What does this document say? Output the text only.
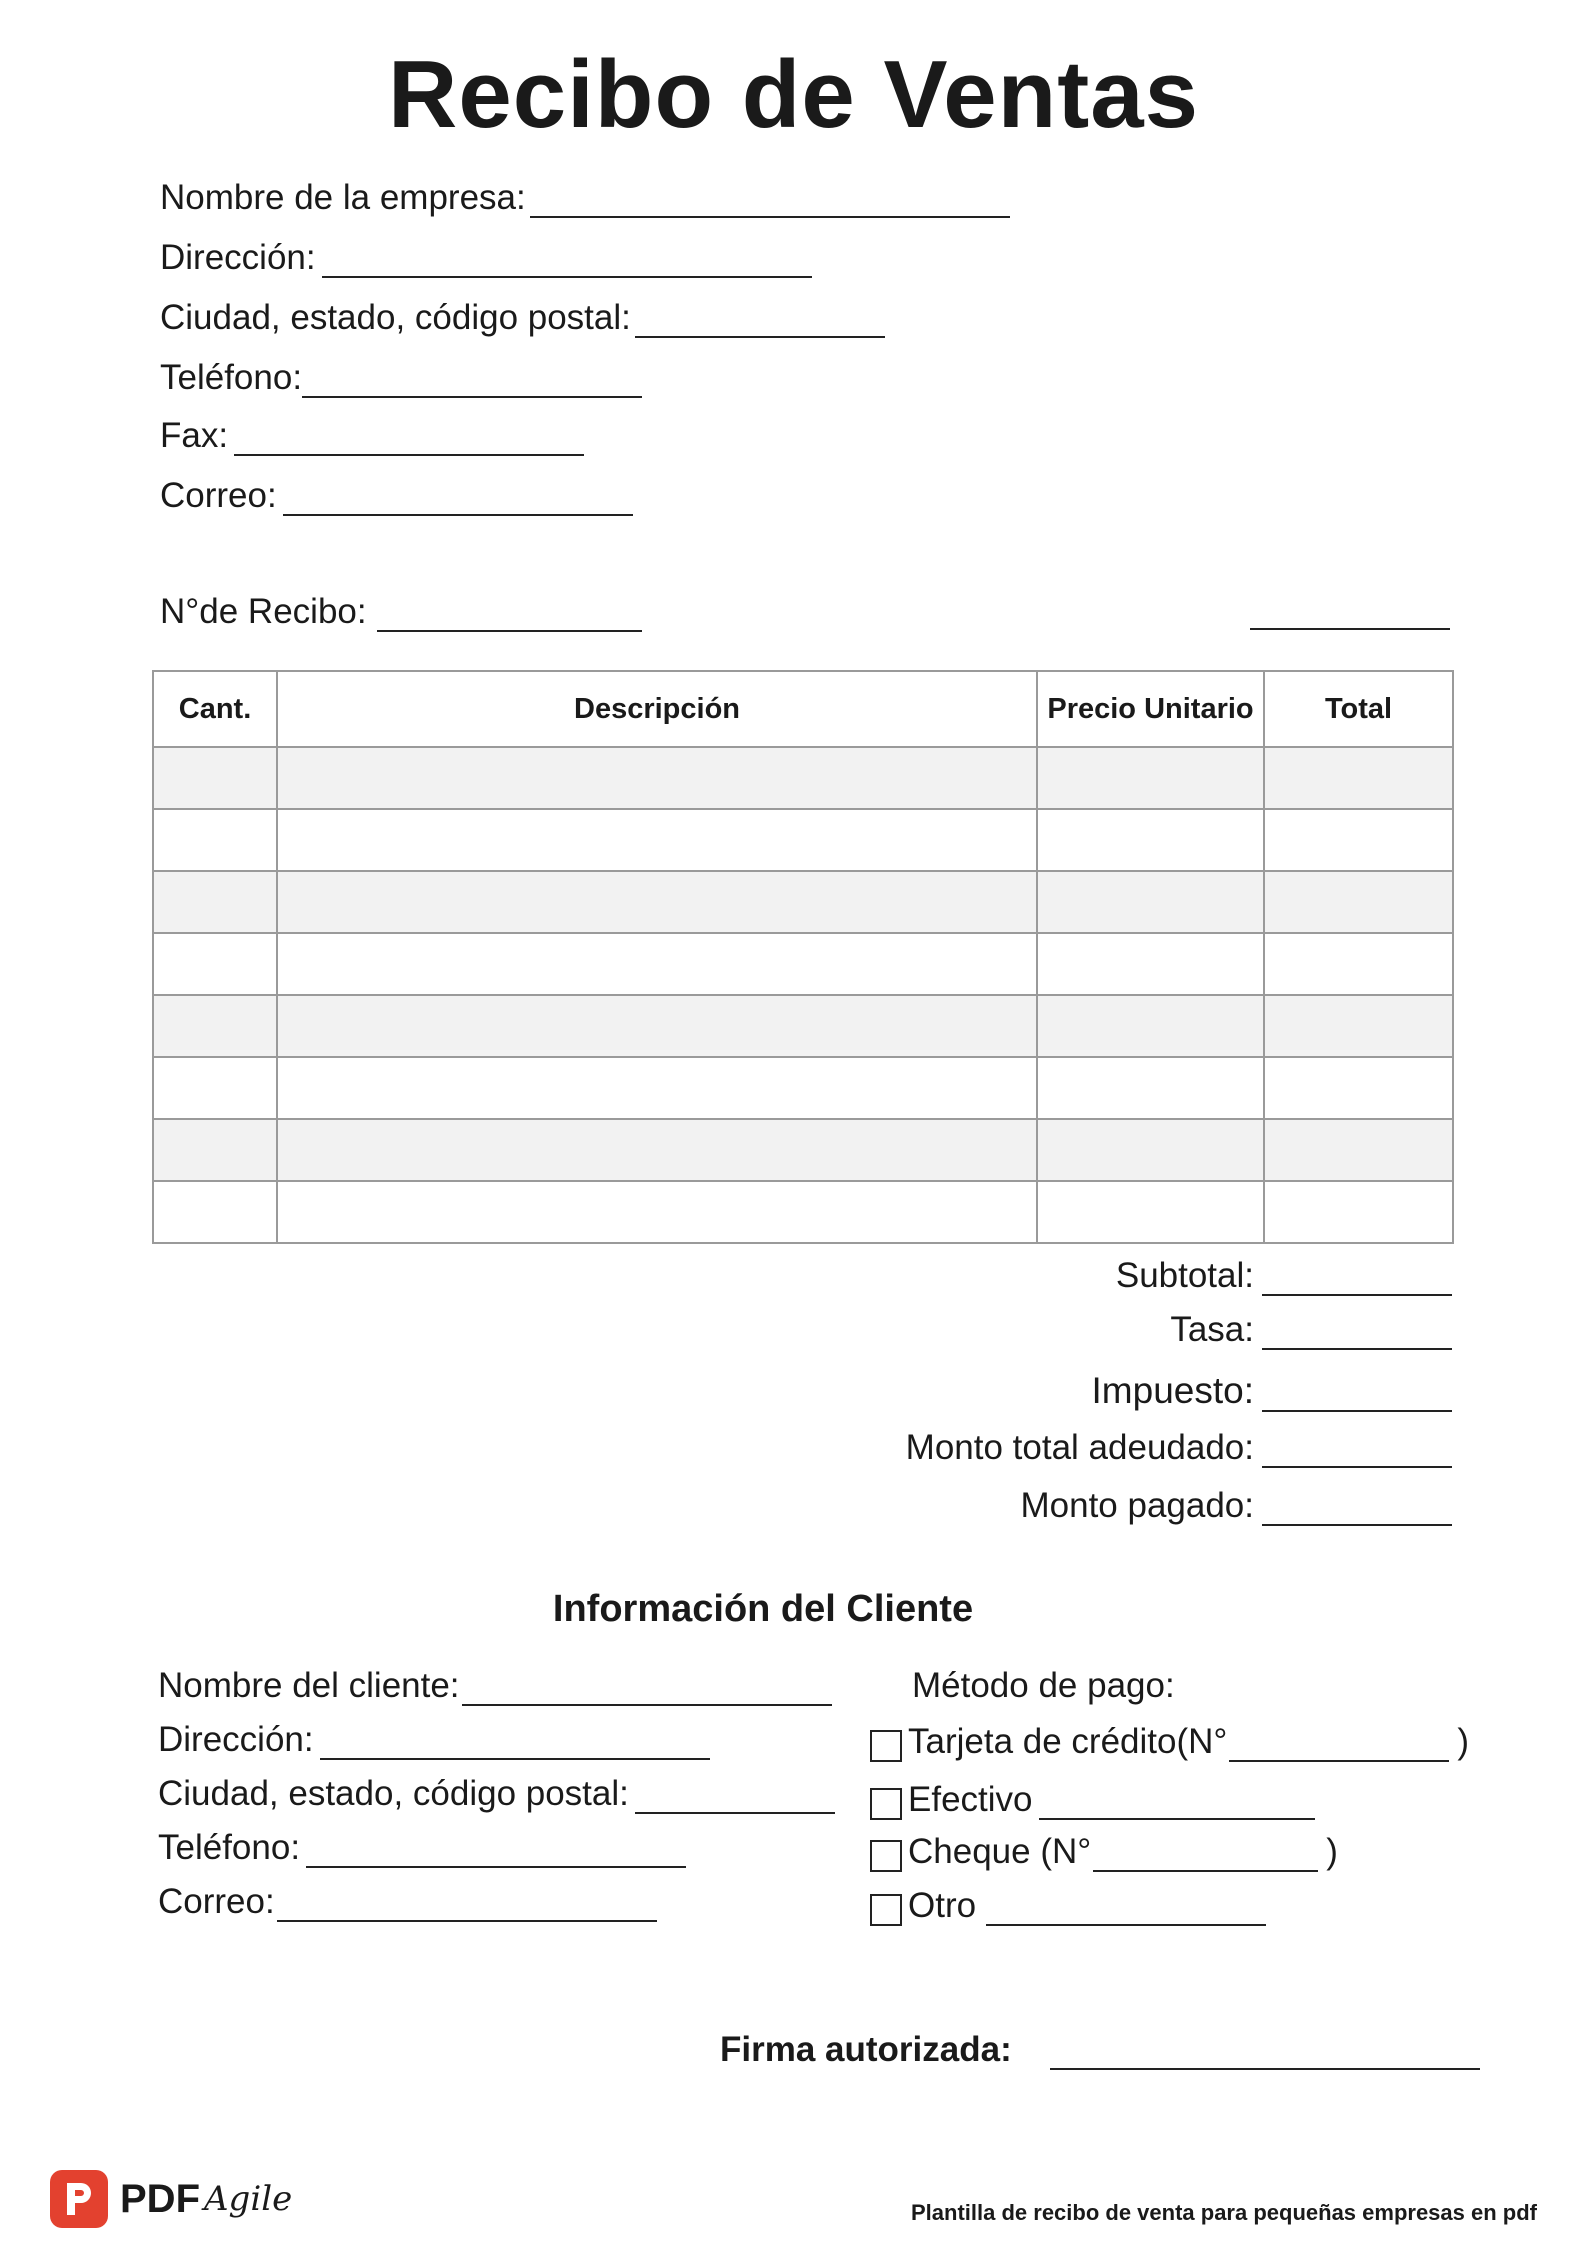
Recibo de Ventas
Nombre de la empresa:
Dirección:
Ciudad, estado, código postal:
Teléfono:
Fax:
Correo:
N°de Recibo:
Cant.	Descripción	Precio Unitario	Total

Subtotal:
Tasa:
Impuesto:
Monto total adeudado:
Monto pagado:
Información del Cliente
Nombre del cliente:
Dirección:
Ciudad, estado, código postal:
Teléfono:
Correo:
Método de pago:
Tarjeta de crédito(N°	)
Efectivo
Cheque (N°	)
Otro
Firma autorizada:
PDF Agile	Plantilla de recibo de venta para pequeñas empresas en pdf
